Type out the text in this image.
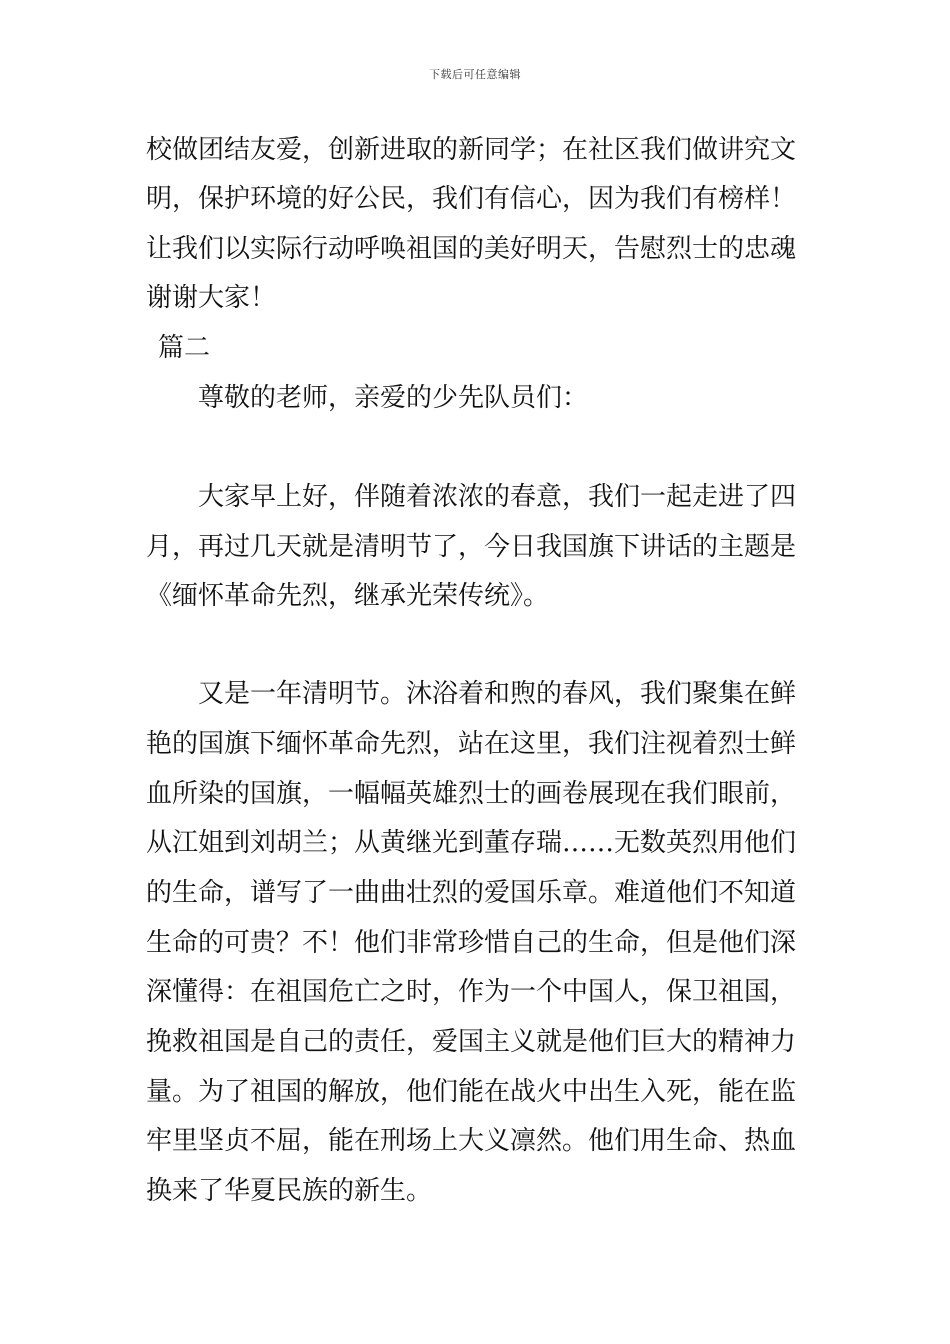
下载后可任意编辑
校做团结友爱，创新进取的新同学；在社区我们做讲究文
明，保护环境的好公民，我们有信心，因为我们有榜样！
让我们以实际行动呼唤祖国的美好明天，告慰烈士的忠魂
谢谢大家！
篇二
尊敬的老师，亲爱的少先队员们：
大家早上好，伴随着浓浓的春意，我们一起走进了四
月，再过几天就是清明节了，今日我国旗下讲话的主题是
《缅怀革命先烈，继承光荣传统》。
又是一年清明节。沐浴着和煦的春风，我们聚集在鲜
艳的国旗下缅怀革命先烈，站在这里，我们注视着烈士鲜
血所染的国旗，一幅幅英雄烈士的画卷展现在我们眼前，
从江姐到刘胡兰；从黄继光到董存瑞……无数英烈用他们
的生命，谱写了一曲曲壮烈的爱国乐章。难道他们不知道
生命的可贵？不！他们非常珍惜自己的生命，但是他们深
深懂得：在祖国危亡之时，作为一个中国人，保卫祖国，
挽救祖国是自己的责任，爱国主义就是他们巨大的精神力
量。为了祖国的解放，他们能在战火中出生入死，能在监
牢里坚贞不屈，能在刑场上大义凛然。他们用生命、热血
换来了华夏民族的新生。
